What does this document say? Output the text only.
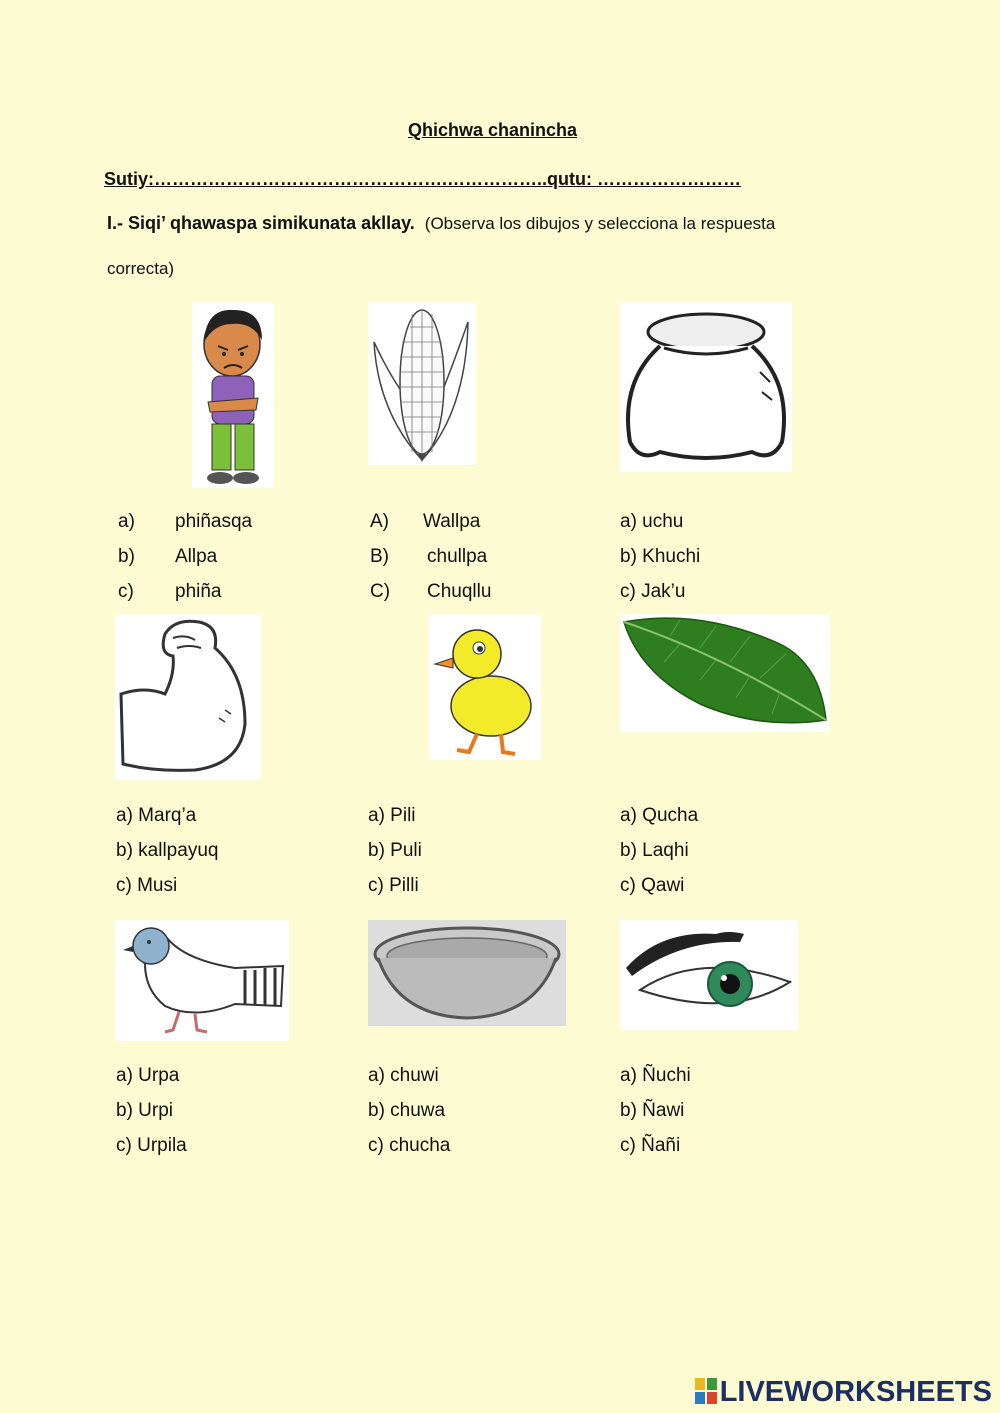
Qhichwa chanincha
Sutiy:………………………………………….……………..qutu: ……………………
I.- Siqi’ qhawaspa simikunata akllay. (Observa los dibujos y selecciona la respuesta
correcta)
a) phiñasqa
b) Allpa
c) phiña
A) Wallpa
B) chullpa
C) Chuqllu
a) uchu
b) Khuchi
c) Jak’u
a) Marq’a
b) kallpayuq
c) Musi
a) Pili
b) Puli
c) Pilli
a) Qucha
b) Laqhi
c) Qawi
a) Urpa
b) Urpi
c) Urpila
a) chuwi
b) chuwa
c) chucha
a) Ñuchi
b) Ñawi
c) Ñañi
LIVEWORKSHEETS
